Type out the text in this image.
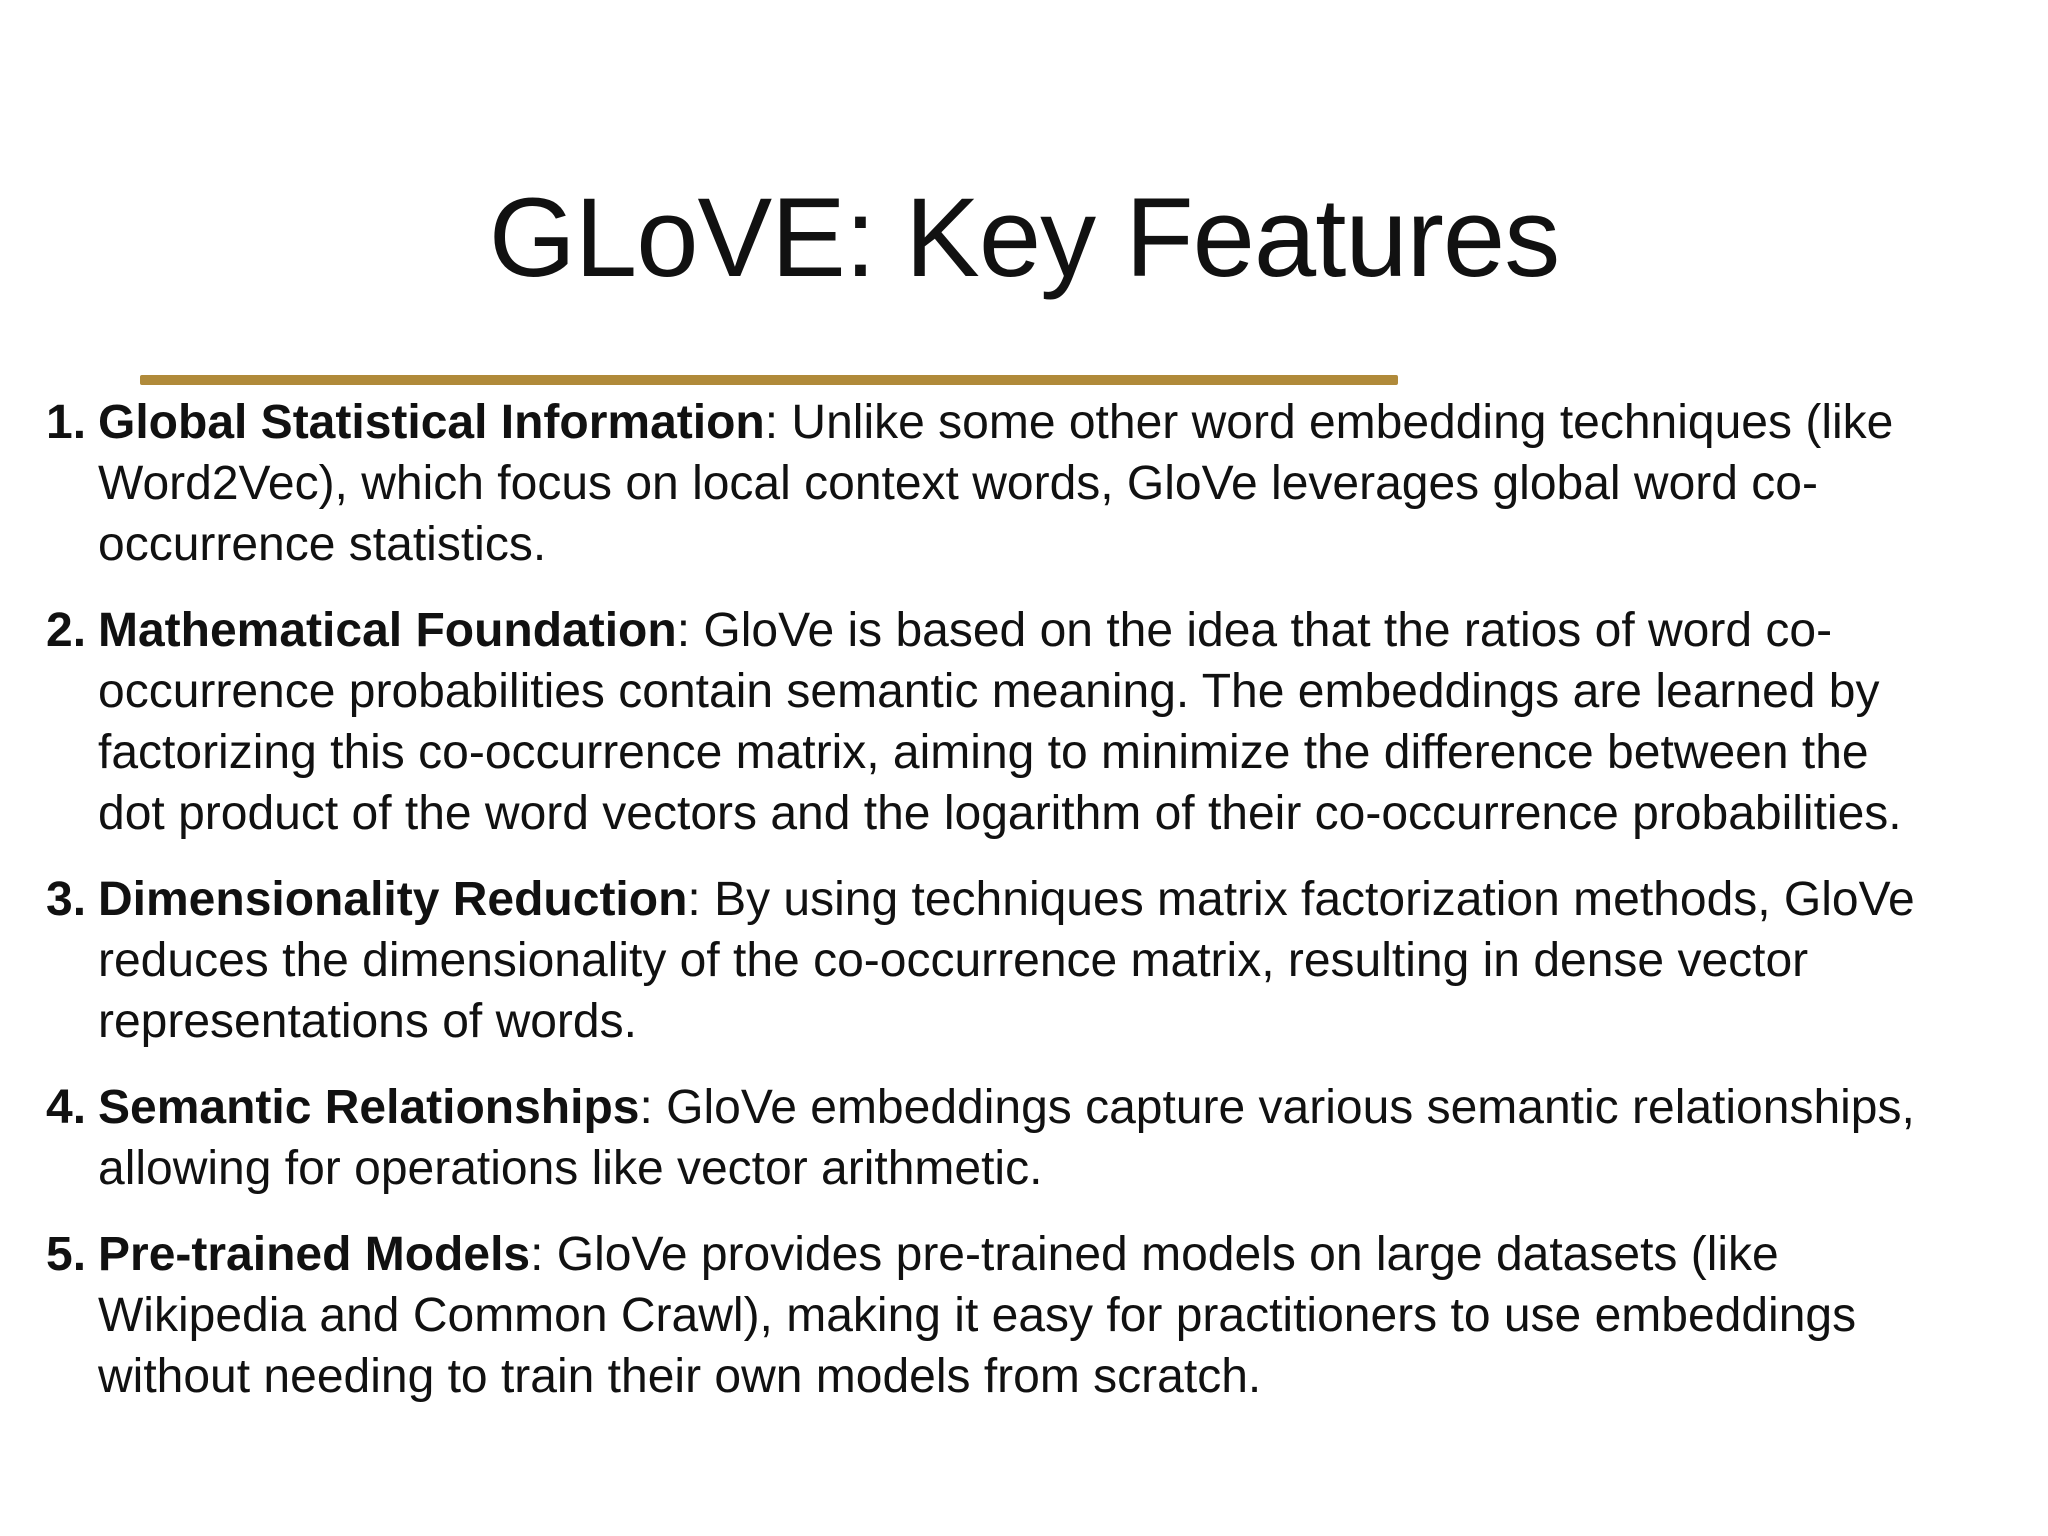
GLoVE: Key Features
1. Global Statistical Information: Unlike some other word embedding techniques (like Word2Vec), which focus on local context words, GloVe leverages global word co-occurrence statistics.
2. Mathematical Foundation: GloVe is based on the idea that the ratios of word co-occurrence probabilities contain semantic meaning. The embeddings are learned by factorizing this co-occurrence matrix, aiming to minimize the difference between the dot product of the word vectors and the logarithm of their co-occurrence probabilities.
3. Dimensionality Reduction: By using techniques matrix factorization methods, GloVe reduces the dimensionality of the co-occurrence matrix, resulting in dense vector representations of words.
4. Semantic Relationships: GloVe embeddings capture various semantic relationships, allowing for operations like vector arithmetic.
5. Pre-trained Models: GloVe provides pre-trained models on large datasets (like Wikipedia and Common Crawl), making it easy for practitioners to use embeddings without needing to train their own models from scratch.
